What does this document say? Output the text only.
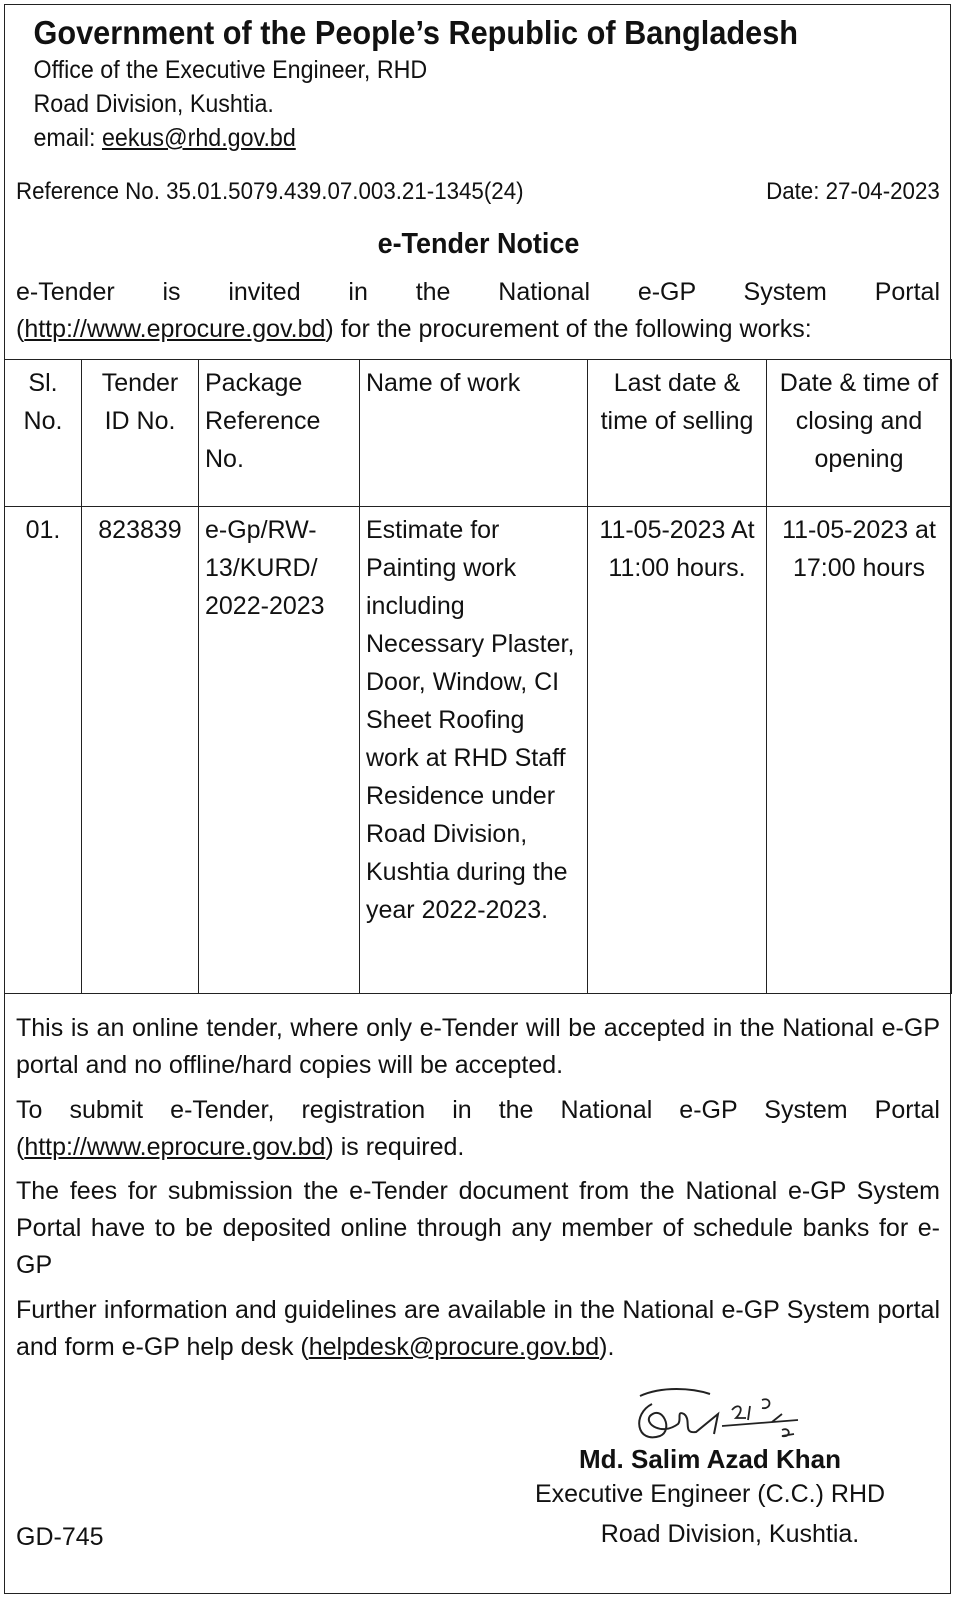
Government of the People’s Republic of Bangladesh
Office of the Executive Engineer, RHD
Road Division, Kushtia.
email: eekus@rhd.gov.bd
Reference No. 35.01.5079.439.07.003.21-1345(24)	Date: 27-04-2023
e-Tender Notice
e-Tender is invited in the National e-GP System Portal
(http://www.eprocure.gov.bd) for the procurement of the following works:
Sl. No.	Tender ID No.	Package Reference No.	Name of work	Last date & time of selling	Date & time of closing and opening
01.	823839	e-Gp/RW-13/KURD/ 2022-2023	Estimate for Painting work including Necessary Plaster, Door, Window, CI Sheet Roofing work at RHD Staff Residence under Road Division, Kushtia during the year 2022-2023.	11-05-2023 At 11:00 hours.	11-05-2023 at 17:00 hours
This is an online tender, where only e-Tender will be accepted in the National e-GP portal and no offline/hard copies will be accepted.
To submit e-Tender, registration in the National e-GP System Portal (http://www.eprocure.gov.bd) is required.
The fees for submission the e-Tender document from the National e-GP System Portal have to be deposited online through any member of schedule banks for e-GP
Further information and guidelines are available in the National e-GP System portal and form e-GP help desk (helpdesk@procure.gov.bd).
Md. Salim Azad Khan
Executive Engineer (C.C.) RHD
Road Division, Kushtia.
GD-745
